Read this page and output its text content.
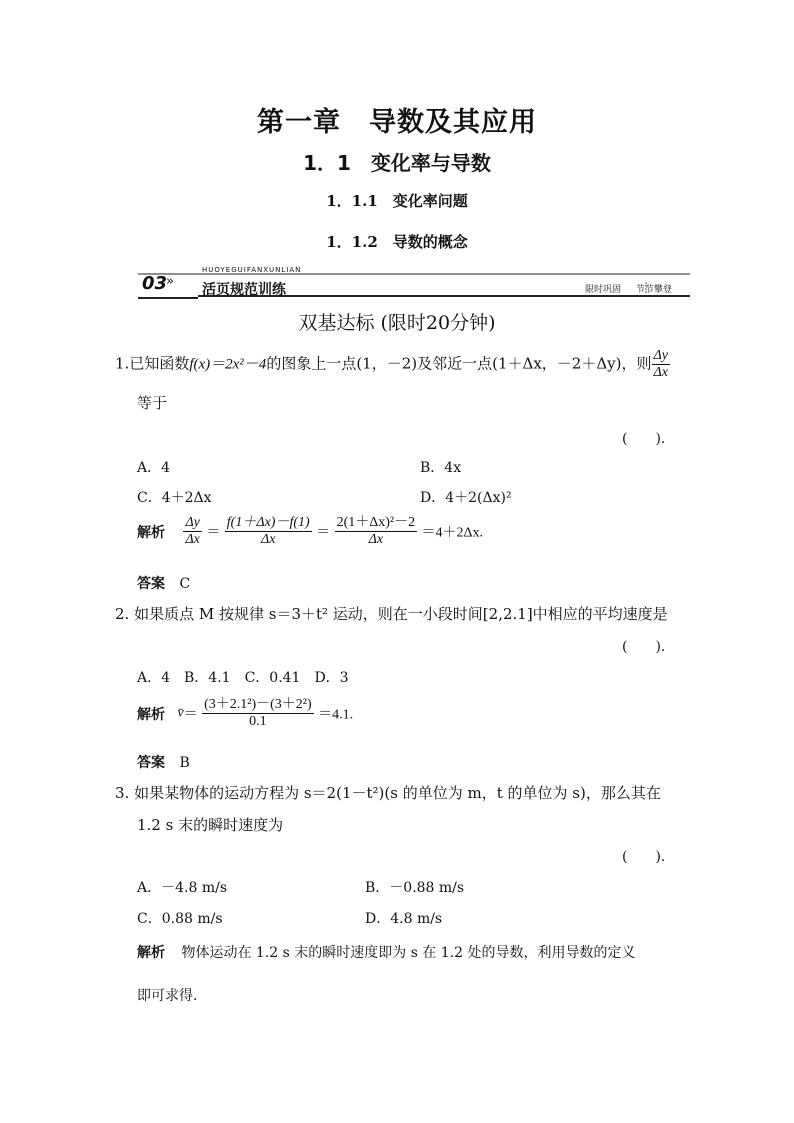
第一章　导数及其应用
1．1　变化率与导数
1．1.1　变化率问题
1．1.2　导数的概念
03
»
HUOYEGUIFANXUNLIAN
活页规范训练	限时巩固 节节攀登
双基达标 (限时20分钟)
1.已知函数f(x)＝2x²－4的图象上一点(1，－2)及邻近一点(1＋Δx，－2＋Δy)，则 $\frac{\Delta y}{\Delta x}$
等于
(　　)．
A．4	B．4x
C．4＋2Δx	D．4＋2(Δx)²
解析 $\frac{\Delta y}{\Delta x} = \frac{f(1+\Delta x)-f(1)}{\Delta x} = \frac{\text{2(1＋Δx)²－2}}{\Delta x} =4+2\Delta x$.
答案 C
2. 如果质点 M 按规律 s＝3＋t² 运动，则在一小段时间[2,2.1]中相应的平均速度是
(　　)．
A．4　B．4.1　C．0.41　D．3
解析 v̄＝ $\frac{\text{(3＋2.1²)－(3＋2²)}}{0.1} =4.1$.
答案 B
3. 如果某物体的运动方程为 s＝2(1－t²)(s 的单位为 m，t 的单位为 s)，那么其在
1.2 s 末的瞬时速度为
(　　)．
A．－4.8 m/s	B．－0.88 m/s
C．0.88 m/s	D．4.8 m/s
解析 物体运动在 1.2 s 末的瞬时速度即为 s 在 1.2 处的导数，利用导数的定义
即可求得．
